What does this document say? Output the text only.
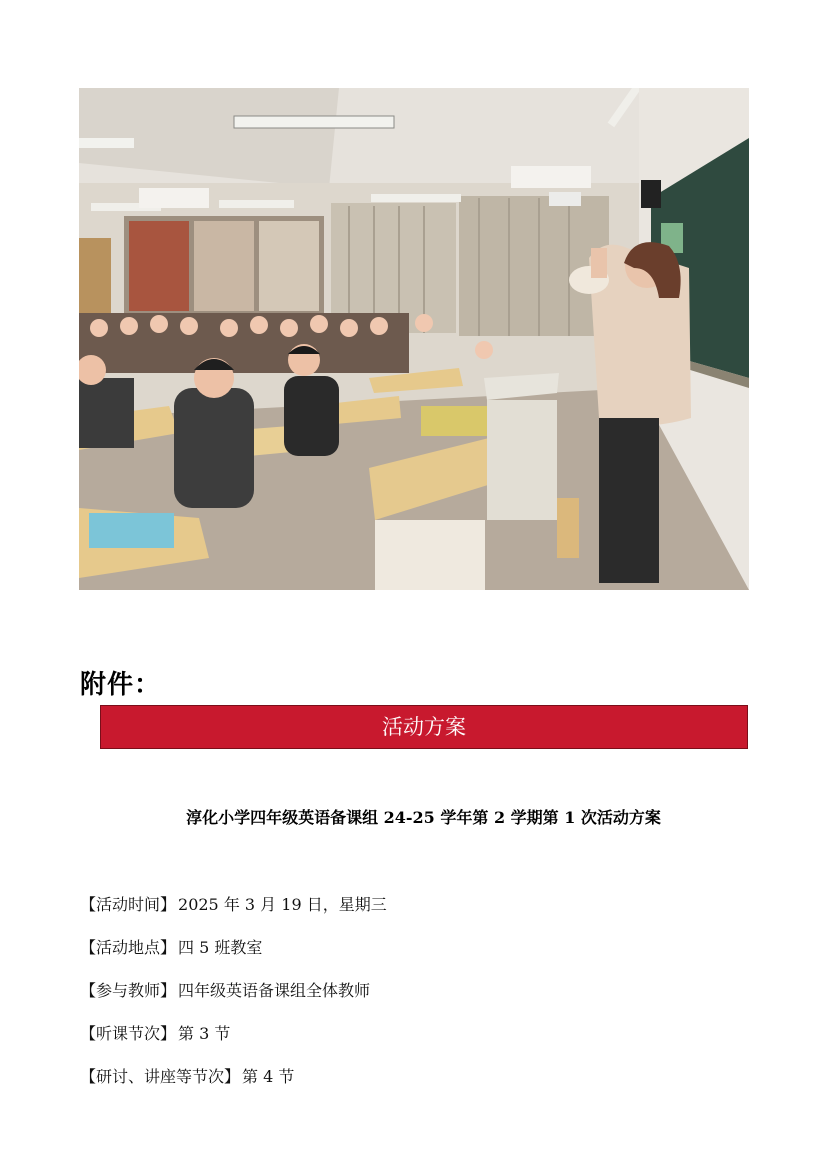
附件：
活动方案
淳化小学四年级英语备课组 24-25 学年第 2 学期第 1 次活动方案
【活动时间】 2025 年 3 月 19 日，星期三
【活动地点】 四 5 班教室
【参与教师】 四年级英语备课组全体教师
【听课节次】 第 3 节
【研讨、讲座等节次】 第 4 节
